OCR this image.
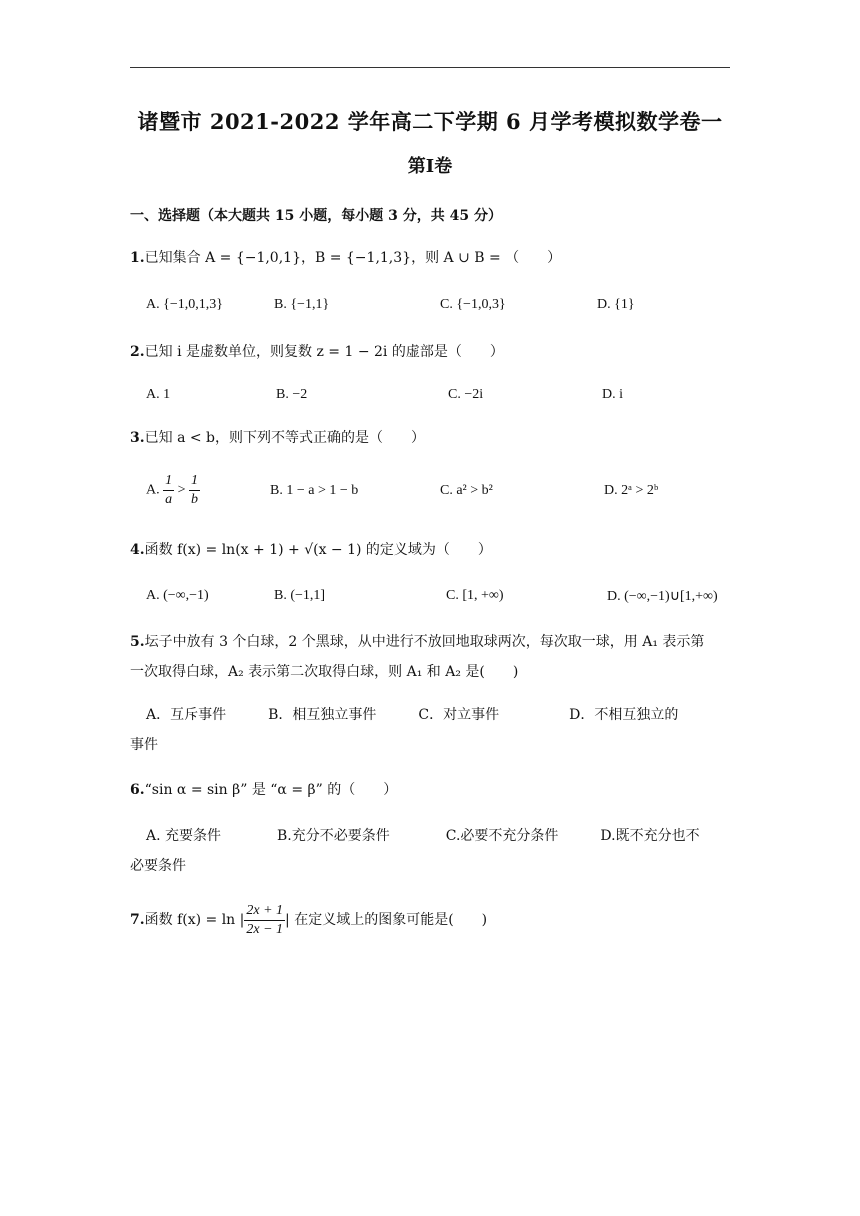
诸暨市 2021-2022 学年高二下学期 6 月学考模拟数学卷一
第Ⅰ卷
一、选择题（本大题共 15 小题，每小题 3 分，共 45 分）
1.已知集合 A = {−1,0,1}，B = {−1,1,3}，则 A ∪ B = （　　）
A. {−1,0,1,3}	B. {−1,1}	C. {−1,0,3}	D. {1}
2.已知 i 是虚数单位，则复数 z = 1 − 2i 的虚部是（　　）
A. 1	B. −2	C. −2i	D. i
3.已知 a < b，则下列不等式正确的是（　　）
A. $\frac{1}{a} > \frac{1}{b}$	B. 1 − a > 1 − b	C. a² > b²	D. 2ᵃ > 2ᵇ
4.函数 f(x) = ln(x + 1) + √(x − 1) 的定义域为（　　）
A. (−∞,−1)	B. (−1,1]	C. [1, +∞)	D. (−∞,−1)∪[1,+∞)
5.坛子中放有 3 个白球，2 个黑球，从中进行不放回地取球两次，每次取一球，用 A₁ 表示第
一次取得白球，A₂ 表示第二次取得白球，则 A₁ 和 A₂ 是(　　)
A．互斥事件　　　B．相互独立事件　　　C．对立事件　　　　　D．不相互独立的
事件
6.“sin α = sin β” 是 “α = β” 的（　　）
A. 充要条件　　　　B.充分不必要条件　　　　C.必要不充分条件　　　D.既不充分也不
必要条件
7.函数 f(x) = ln | $\frac{2x + 1}{2x - 1}$ | 在定义域上的图象可能是(　　)
